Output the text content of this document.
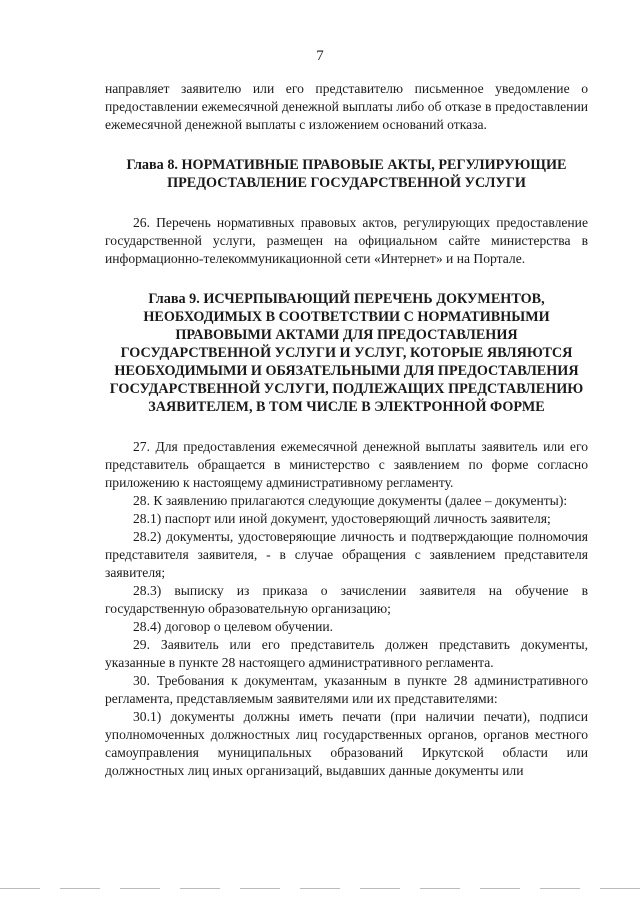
7

направляет заявителю или его представителю письменное уведомление о предоставлении ежемесячной денежной выплаты либо об отказе в предоставлении ежемесячной денежной выплаты с изложением оснований отказа.

Глава 8. НОРМАТИВНЫЕ ПРАВОВЫЕ АКТЫ, РЕГУЛИРУЮЩИЕ ПРЕДОСТАВЛЕНИЕ ГОСУДАРСТВЕННОЙ УСЛУГИ

26. Перечень нормативных правовых актов, регулирующих предоставление государственной услуги, размещен на официальном сайте министерства в информационно-телекоммуникационной сети «Интернет» и на Портале.

Глава 9. ИСЧЕРПЫВАЮЩИЙ ПЕРЕЧЕНЬ ДОКУМЕНТОВ, НЕОБХОДИМЫХ В СООТВЕТСТВИИ С НОРМАТИВНЫМИ ПРАВОВЫМИ АКТАМИ ДЛЯ ПРЕДОСТАВЛЕНИЯ ГОСУДАРСТВЕННОЙ УСЛУГИ И УСЛУГ, КОТОРЫЕ ЯВЛЯЮТСЯ НЕОБХОДИМЫМИ И ОБЯЗАТЕЛЬНЫМИ ДЛЯ ПРЕДОСТАВЛЕНИЯ ГОСУДАРСТВЕННОЙ УСЛУГИ, ПОДЛЕЖАЩИХ ПРЕДСТАВЛЕНИЮ ЗАЯВИТЕЛЕМ, В ТОМ ЧИСЛЕ В ЭЛЕКТРОННОЙ ФОРМЕ

27. Для предоставления ежемесячной денежной выплаты заявитель или его представитель обращается в министерство с заявлением по форме согласно приложению к настоящему административному регламенту.

28. К заявлению прилагаются следующие документы (далее – документы):

28.1) паспорт или иной документ, удостоверяющий личность заявителя;

28.2) документы, удостоверяющие личность и подтверждающие полномочия представителя заявителя, - в случае обращения с заявлением представителя заявителя;

28.3) выписку из приказа о зачислении заявителя на обучение в государственную образовательную организацию;

28.4) договор о целевом обучении.

29. Заявитель или его представитель должен представить документы, указанные в пункте 28 настоящего административного регламента.

30. Требования к документам, указанным в пункте 28 административного регламента, представляемым заявителями или их представителями:

30.1) документы должны иметь печати (при наличии печати), подписи уполномоченных должностных лиц государственных органов, органов местного самоуправления муниципальных образований Иркутской области или должностных лиц иных организаций, выдавших данные документы или
